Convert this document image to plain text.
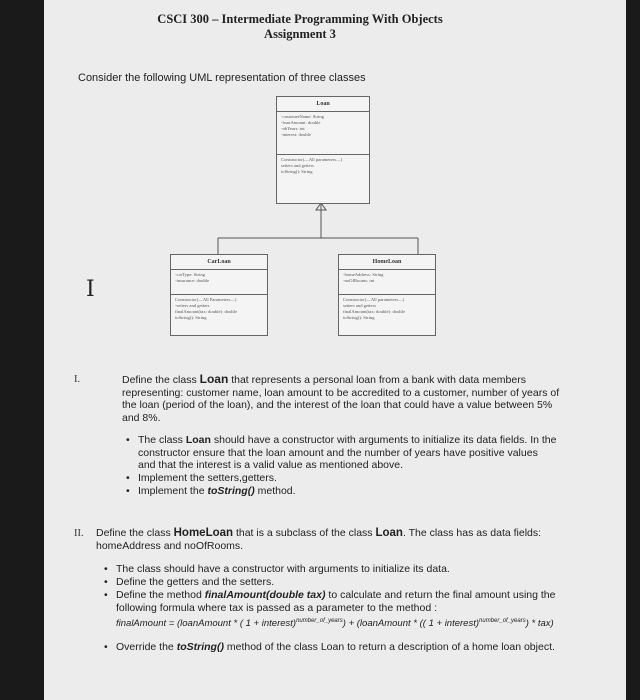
CSCI 300 – Intermediate Programming With Objects
Assignment 3
Consider the following UML representation of three classes
Loan
-customerName: String
-loanAmount: double
-nbYears: int
-interest: double
Constructor(—All parameters—)
setters and getters
toString(): String
CarLoan
-carType: String
-insurance: double
Constructor(—All Parameters—)
-setters and getters
finalAmount(tax: double): double
toString(): String
HomeLoan
-homeAddress: String
-noOfRooms: int
Constructor(—All parameters—)
setters and getters
finalAmount(tax: double): double
toString(): String
I
I.	Define the class Loan that represents a personal loan from a bank with data members representing: customer name, loan amount to be accredited to a customer, number of years of the loan (period of the loan), and the interest of the loan that could have a value between 5% and 8%.
• The class Loan should have a constructor with arguments to initialize its data fields. In the constructor ensure that the loan amount and the number of years have positive values and that the interest is a valid value as mentioned above.
• Implement the setters,getters.
• Implement the toString() method.
II. Define the class HomeLoan that is a subclass of the class Loan. The class has as data fields: homeAddress and noOfRooms.
• The class should have a constructor with arguments to initialize its data.
• Define the getters and the setters.
• Define the method finalAmount(double tax) to calculate and return the final amount using the following formula where tax is passed as a parameter to the method :
finalAmount = (loanAmount * ( 1 + interest)$^{number\_of\_years}$) + (loanAmount * (( 1 + interest)$^{number\_of\_years}$) * tax)
• Override the toString() method of the class Loan to return a description of a home loan object.
